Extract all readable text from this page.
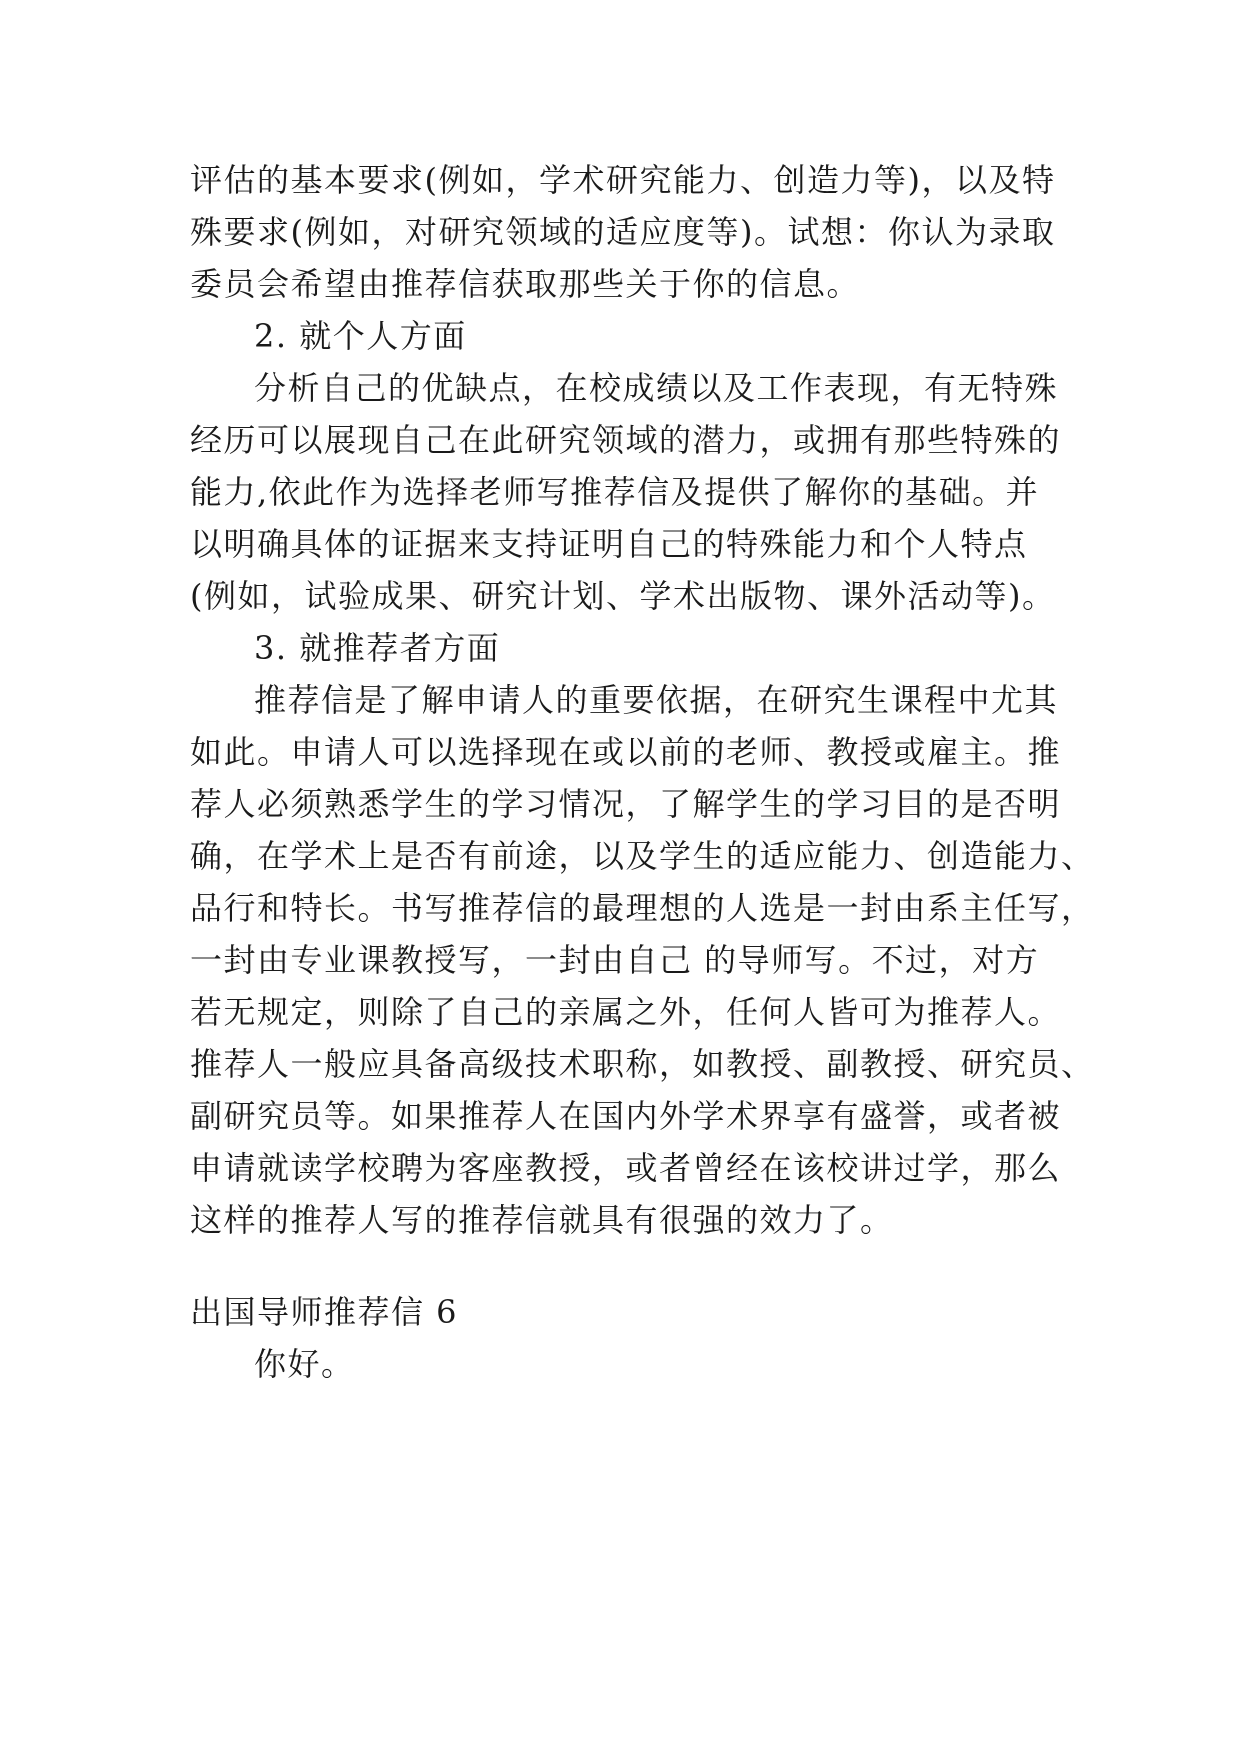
评估的基本要求(例如，学术研究能力、创造力等)，以及特
殊要求(例如，对研究领域的适应度等)。试想：你认为录取
委员会希望由推荐信获取那些关于你的信息。
2. 就个人方面
分析自己的优缺点，在校成绩以及工作表现，有无特殊
经历可以展现自己在此研究领域的潜力，或拥有那些特殊的
能力,依此作为选择老师写推荐信及提供了解你的基础。并
以明确具体的证据来支持证明自己的特殊能力和个人特点
(例如，试验成果、研究计划、学术出版物、课外活动等)。
3. 就推荐者方面
推荐信是了解申请人的重要依据，在研究生课程中尤其
如此。申请人可以选择现在或以前的老师、教授或雇主。推
荐人必须熟悉学生的学习情况，了解学生的学习目的是否明
确，在学术上是否有前途，以及学生的适应能力、创造能力、
品行和特长。书写推荐信的最理想的人选是一封由系主任写，
一封由专业课教授写，一封由自己 的导师写。不过，对方
若无规定，则除了自己的亲属之外，任何人皆可为推荐人。
推荐人一般应具备高级技术职称，如教授、副教授、研究员、
副研究员等。如果推荐人在国内外学术界享有盛誉，或者被
申请就读学校聘为客座教授，或者曾经在该校讲过学，那么
这样的推荐人写的推荐信就具有很强的效力了。
出国导师推荐信 6
你好。
